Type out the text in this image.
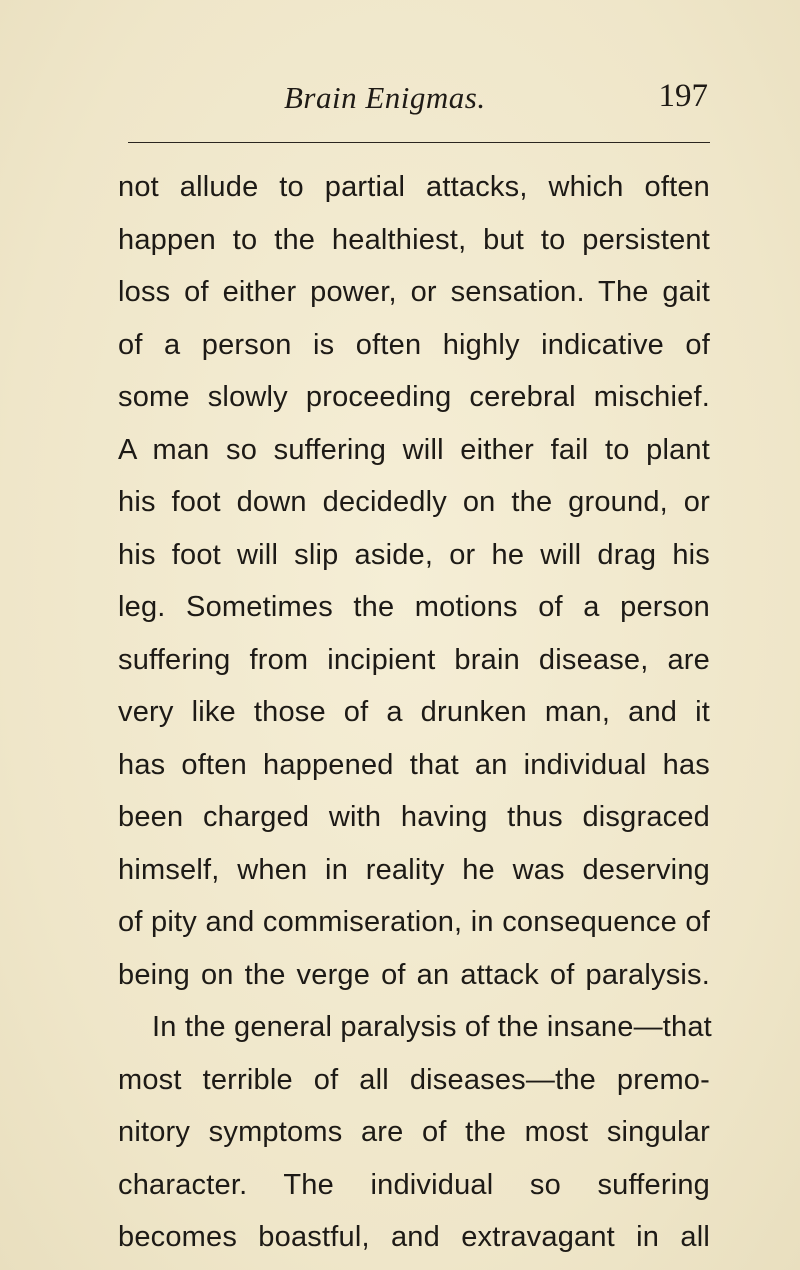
Brain Enigmas.	197
not allude to partial attacks, which often
happen to the healthiest, but to persistent
loss of either power, or sensation. The gait
of a person is often highly indicative of
some slowly proceeding cerebral mischief.
A man so suffering will either fail to plant
his foot down decidedly on the ground, or
his foot will slip aside, or he will drag his
leg. Sometimes the motions of a person
suffering from incipient brain disease, are
very like those of a drunken man, and it
has often happened that an individual has
been charged with having thus disgraced
himself, when in reality he was deserving
of pity and commiseration, in consequence of
being on the verge of an attack of paralysis.
In the general paralysis of the insane—that
most terrible of all diseases—the premo-
nitory symptoms are of the most singular
character. The individual so suffering
becomes boastful, and extravagant in all
